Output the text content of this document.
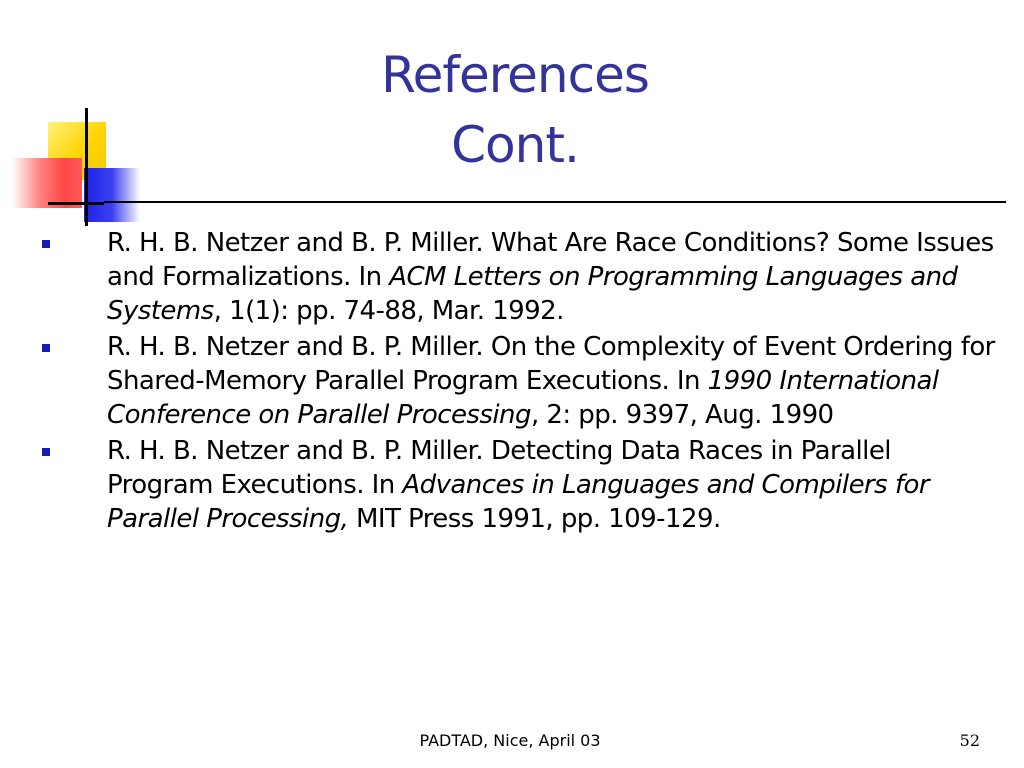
References
Cont.
R. H. B. Netzer and B. P. Miller. What Are Race Conditions? Some Issues and Formalizations. In ACM Letters on Programming Languages and Systems, 1(1): pp. 74-88, Mar. 1992.
R. H. B. Netzer and B. P. Miller. On the Complexity of Event Ordering for Shared-Memory Parallel Program Executions. In 1990 International Conference on Parallel Processing, 2: pp. 9397, Aug. 1990
R. H. B. Netzer and B. P. Miller. Detecting Data Races in Parallel Program Executions. In Advances in Languages and Compilers for Parallel Processing, MIT Press 1991, pp. 109-129.
PADTAD, Nice, April 03	52
